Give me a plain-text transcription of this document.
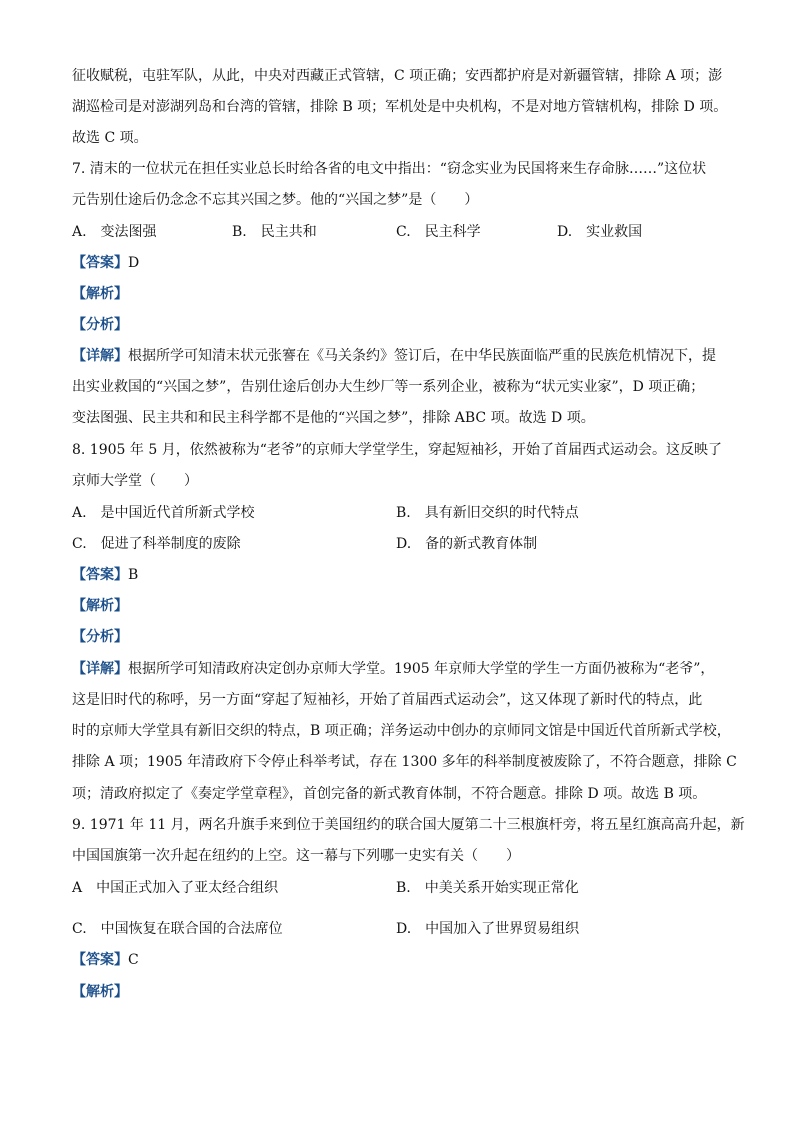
征收赋税，屯驻军队，从此，中央对西藏正式管辖，C 项正确；安西都护府是对新疆管辖，排除 A 项；澎
湖巡检司是对澎湖列岛和台湾的管辖，排除 B 项；军机处是中央机构，不是对地方管辖机构，排除 D 项。
故选 C 项。
7. 清末的一位状元在担任实业总长时给各省的电文中指出：“窃念实业为民国将来生存命脉……”这位状
元告别仕途后仍念念不忘其兴国之梦。他的“兴国之梦”是（　　）
A.　变法图强	B.　民主共和	C.　民主科学	D.　实业救国
【答案】D
【解析】
【分析】
【详解】根据所学可知清末状元张謇在《马关条约》签订后，在中华民族面临严重的民族危机情况下，提
出实业救国的“兴国之梦”，告别仕途后创办大生纱厂等一系列企业，被称为“状元实业家”，D 项正确；
变法图强、民主共和和民主科学都不是他的“兴国之梦”，排除 ABC 项。故选 D 项。
8. 1905 年 5 月，依然被称为“老爷”的京师大学堂学生，穿起短袖衫，开始了首届西式运动会。这反映了
京师大学堂（　　）
A.　是中国近代首所新式学校	B.　具有新旧交织的时代特点
C.　促进了科举制度的废除	D.　备的新式教育体制
【答案】B
【解析】
【分析】
【详解】根据所学可知清政府决定创办京师大学堂。1905 年京师大学堂的学生一方面仍被称为“老爷”，
这是旧时代的称呼，另一方面“穿起了短袖衫，开始了首届西式运动会”，这又体现了新时代的特点，此
时的京师大学堂具有新旧交织的特点，B 项正确；洋务运动中创办的京师同文馆是中国近代首所新式学校，
排除 A 项；1905 年清政府下令停止科举考试，存在 1300 多年的科举制度被废除了，不符合题意，排除 C
项；清政府拟定了《奏定学堂章程》，首创完备的新式教育体制，不符合题意。排除 D 项。故选 B 项。
9. 1971 年 11 月，两名升旗手来到位于美国纽约的联合国大厦第二十三根旗杆旁，将五星红旗高高升起，新
中国国旗第一次升起在纽约的上空。这一幕与下列哪一史实有关（　　）
A　中国正式加入了亚太经合组织	B.　中美关系开始实现正常化
C.　中国恢复在联合国的合法席位	D.　中国加入了世界贸易组织
【答案】C
【解析】
